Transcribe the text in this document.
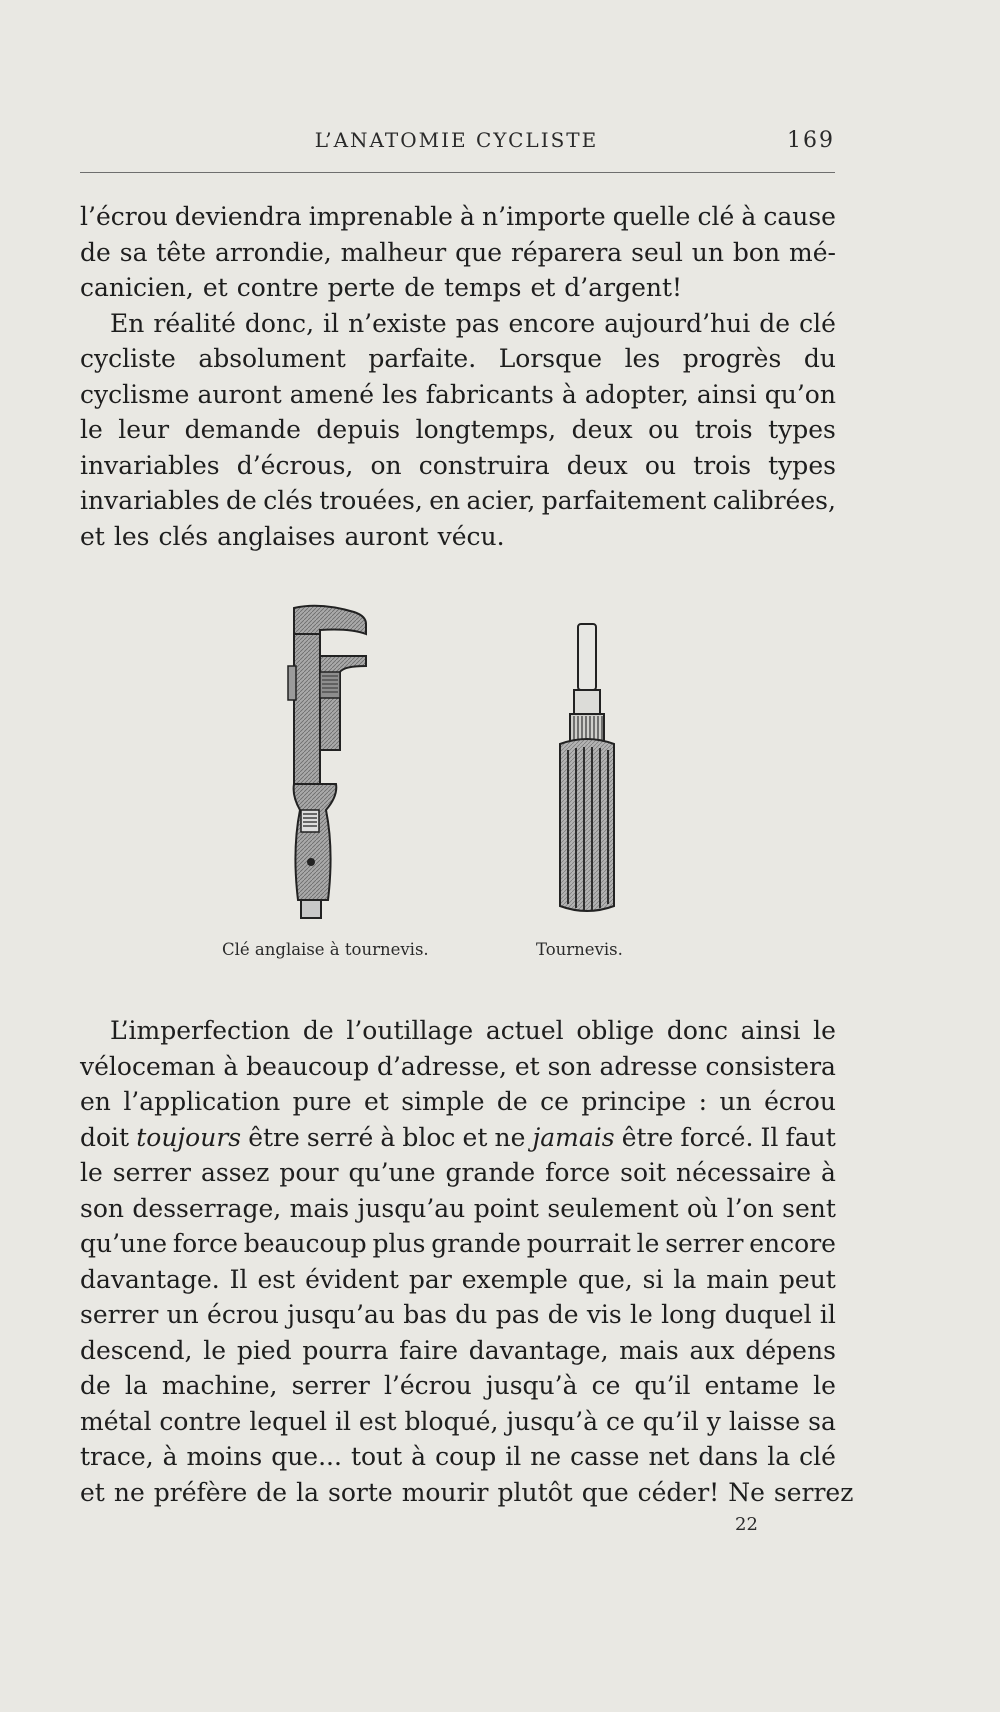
L’ANATOMIE CYCLISTE	169
l’écrou deviendra imprenable à n’importe quelle clé à cause
de sa tête arrondie, malheur que réparera seul un bon mé-
canicien, et contre perte de temps et d’argent!
En réalité donc, il n’existe pas encore aujourd’hui de clé
cycliste absolument parfaite. Lorsque les progrès du
cyclisme auront amené les fabricants à adopter, ainsi qu’on
le leur demande depuis longtemps, deux ou trois types
invariables d’écrous, on construira deux ou trois types
invariables de clés trouées, en acier, parfaitement calibrées,
et les clés anglaises auront vécu.
Clé anglaise à tournevis.	Tournevis.
L’imperfection de l’outillage actuel oblige donc ainsi le
véloceman à beaucoup d’adresse, et son adresse consistera
en l’application pure et simple de ce principe : un écrou
doit toujours être serré à bloc et ne jamais être forcé. Il faut
le serrer assez pour qu’une grande force soit nécessaire à
son desserrage, mais jusqu’au point seulement où l’on sent
qu’une force beaucoup plus grande pourrait le serrer encore
davantage. Il est évident par exemple que, si la main peut
serrer un écrou jusqu’au bas du pas de vis le long duquel il
descend, le pied pourra faire davantage, mais aux dépens
de la machine, serrer l’écrou jusqu’à ce qu’il entame le
métal contre lequel il est bloqué, jusqu’à ce qu’il y laisse sa
trace, à moins que... tout à coup il ne casse net dans la clé
et ne préfère de la sorte mourir plutôt que céder! Ne serrez
22
